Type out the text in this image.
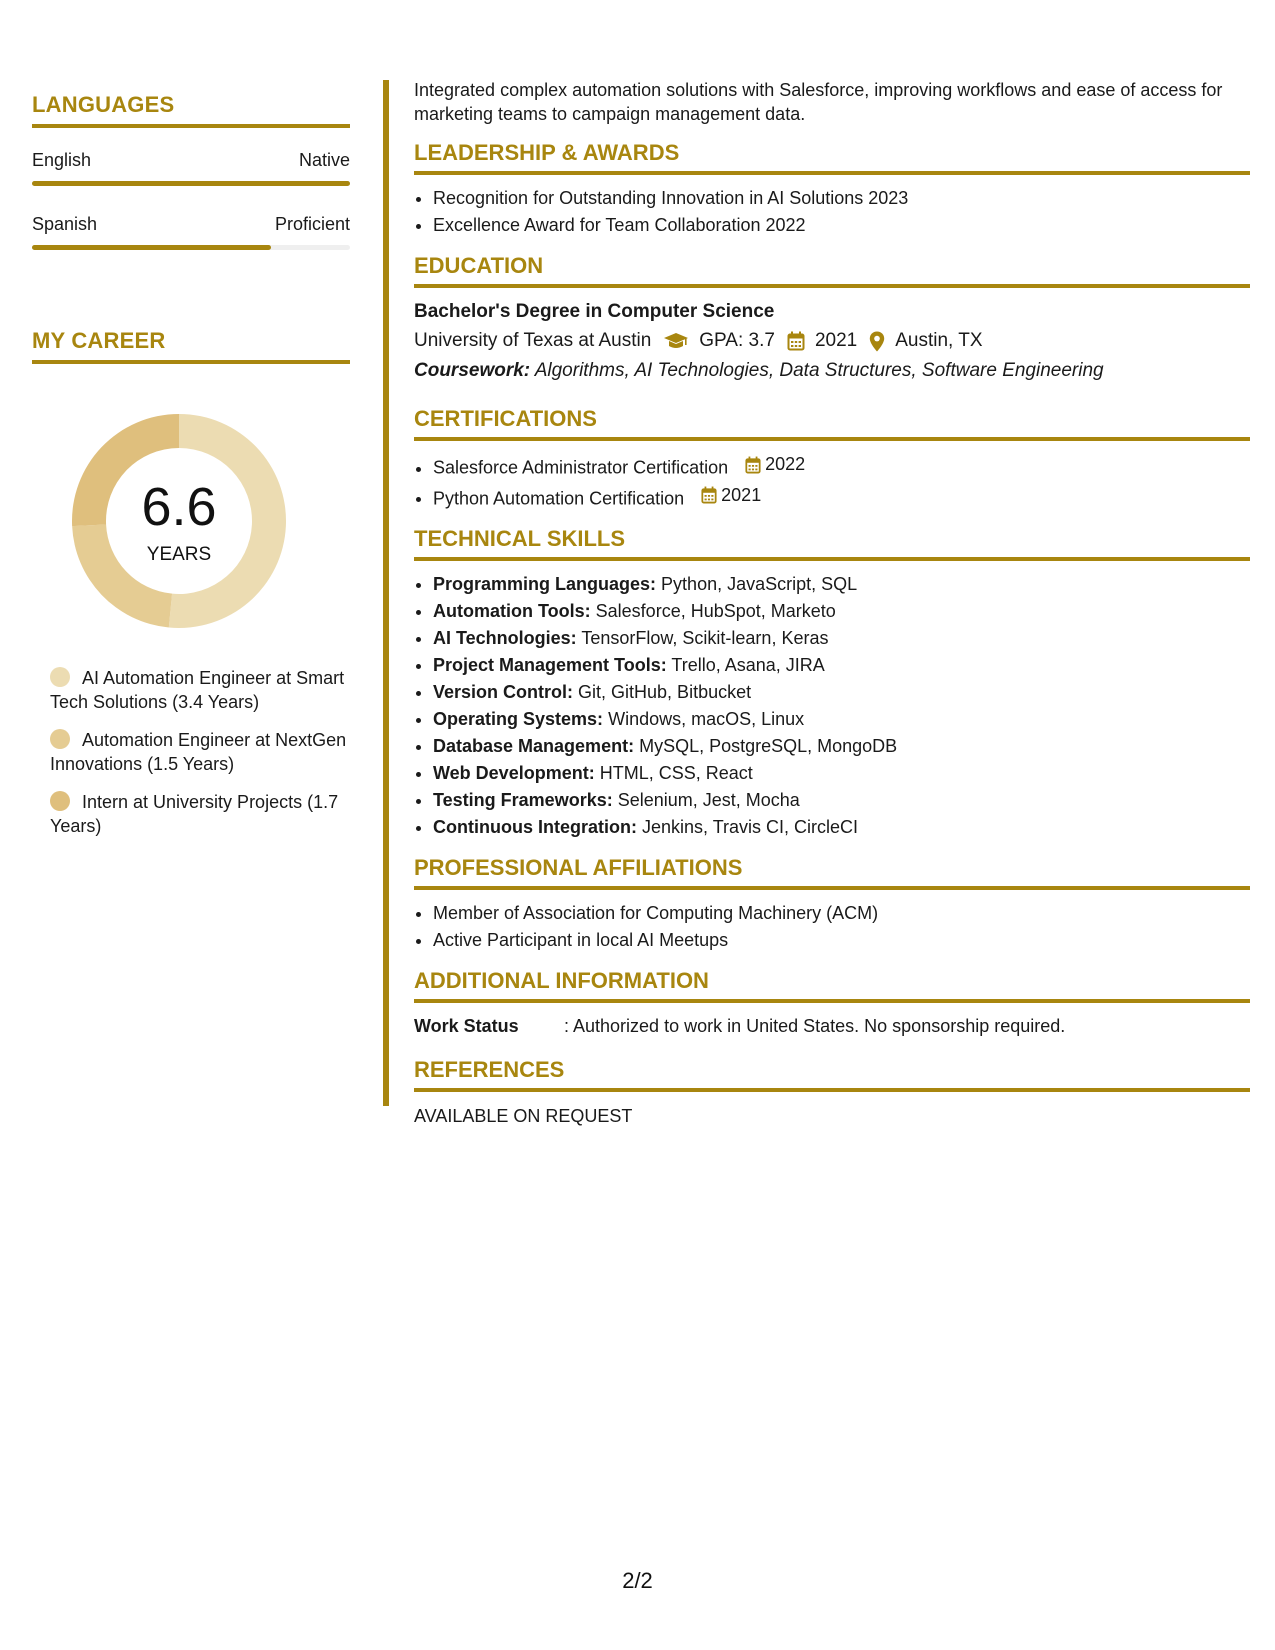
LANGUAGES
English	Native
Spanish	Proficient
MY CAREER
6.6
YEARS
AI Automation Engineer at Smart Tech Solutions (3.4 Years)
Automation Engineer at NextGen Innovations (1.5 Years)
Intern at University Projects (1.7 Years)

Integrated complex automation solutions with Salesforce, improving workflows and ease of access for marketing teams to campaign management data.

LEADERSHIP & AWARDS
• Recognition for Outstanding Innovation in AI Solutions 2023
• Excellence Award for Team Collaboration 2022
EDUCATION
Bachelor's Degree in Computer Science
University of Texas at Austin	GPA: 3.7 2021 Austin, TX
Coursework: Algorithms, AI Technologies, Data Structures, Software Engineering
CERTIFICATIONS
• Salesforce Administrator Certification 2022
• Python Automation Certification 2021
TECHNICAL SKILLS
• Programming Languages: Python, JavaScript, SQL
• Automation Tools: Salesforce, HubSpot, Marketo
• AI Technologies: TensorFlow, Scikit-learn, Keras
• Project Management Tools: Trello, Asana, JIRA
• Version Control: Git, GitHub, Bitbucket
• Operating Systems: Windows, macOS, Linux
• Database Management: MySQL, PostgreSQL, MongoDB
• Web Development: HTML, CSS, React
• Testing Frameworks: Selenium, Jest, Mocha
• Continuous Integration: Jenkins, Travis CI, CircleCI
PROFESSIONAL AFFILIATIONS
• Member of Association for Computing Machinery (ACM)
• Active Participant in local AI Meetups
ADDITIONAL INFORMATION
Work Status	: Authorized to work in United States. No sponsorship required.
REFERENCES
AVAILABLE ON REQUEST
2/2
